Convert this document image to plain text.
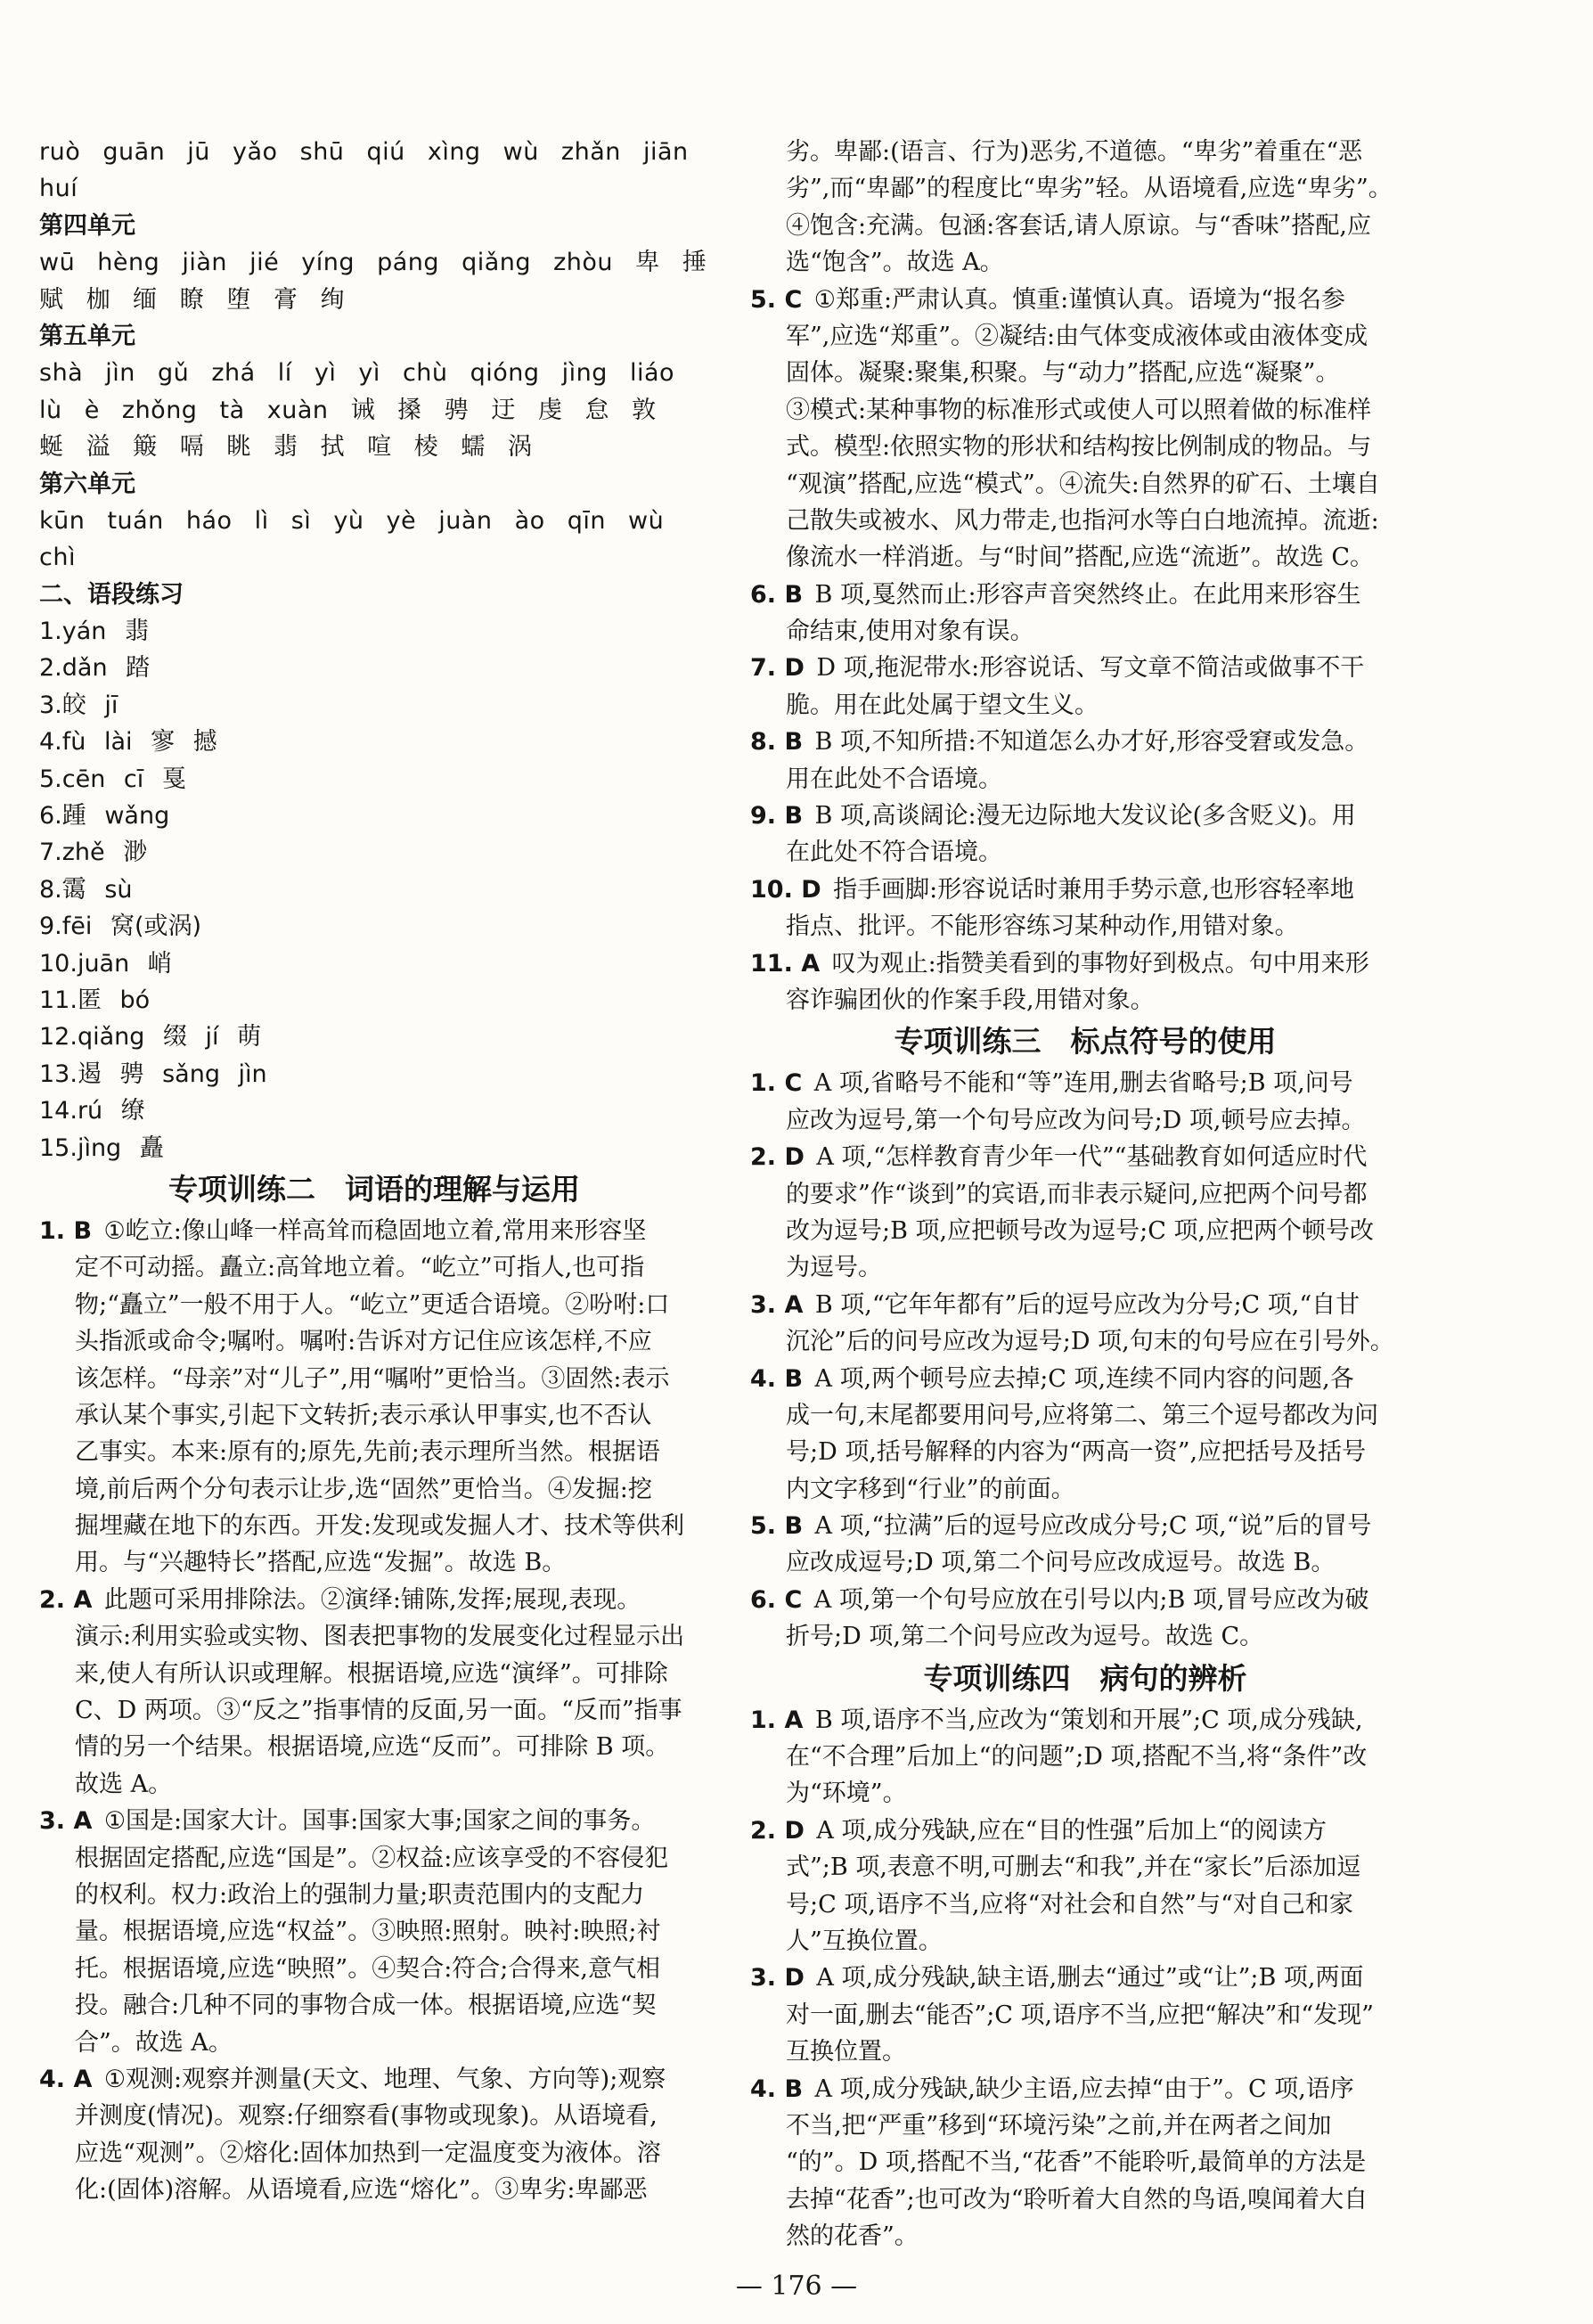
ruò guān jū yǎo shū qiú xìng wù zhǎn jiān
huí
第四单元
wū hèng jiàn jié yíng páng qiǎng zhòu 卑 捶
赋 枷 缅 瞭 堕 膏 绚
第五单元
shà jìn gǔ zhá lí yì yì chù qióng jìng liáo
lù è zhǒng tà xuàn 诫 搡 骋 迂 虔 怠 敦
蜒 溢 簸 嗝 眺 翡 拭 喧 棱 蠕 涡
第六单元
kūn tuán háo lì sì yù yè juàn ào qīn wù
chì
二、语段练习
1.yán 翡
2.dǎn 踏
3.皎 jī
4.fù lài 寥 撼
5.cēn cī 戛
6.踵 wǎng
7.zhě 渺
8.霭 sù
9.fēi 窝(或涡)
10.juān 峭
11.匿 bó
12.qiǎng 缀 jí 萌
13.遏 骋 sǎng jìn
14.rú 缭
15.jìng 矗
专项训练二　词语的理解与运用
1. B  ①屹立:像山峰一样高耸而稳固地立着,常用来形容坚
定不可动摇。矗立:高耸地立着。“屹立”可指人,也可指
物;“矗立”一般不用于人。“屹立”更适合语境。②吩咐:口
头指派或命令;嘱咐。嘱咐:告诉对方记住应该怎样,不应
该怎样。“母亲”对“儿子”,用“嘱咐”更恰当。③固然:表示
承认某个事实,引起下文转折;表示承认甲事实,也不否认
乙事实。本来:原有的;原先,先前;表示理所当然。根据语
境,前后两个分句表示让步,选“固然”更恰当。④发掘:挖
掘埋藏在地下的东西。开发:发现或发掘人才、技术等供利
用。与“兴趣特长”搭配,应选“发掘”。故选 B。
2. A  此题可采用排除法。②演绎:铺陈,发挥;展现,表现。
演示:利用实验或实物、图表把事物的发展变化过程显示出
来,使人有所认识或理解。根据语境,应选“演绎”。可排除
C、D 两项。③“反之”指事情的反面,另一面。“反而”指事
情的另一个结果。根据语境,应选“反而”。可排除 B 项。
故选 A。
3. A  ①国是:国家大计。国事:国家大事;国家之间的事务。
根据固定搭配,应选“国是”。②权益:应该享受的不容侵犯
的权利。权力:政治上的强制力量;职责范围内的支配力
量。根据语境,应选“权益”。③映照:照射。映衬:映照;衬
托。根据语境,应选“映照”。④契合:符合;合得来,意气相
投。融合:几种不同的事物合成一体。根据语境,应选“契
合”。故选 A。
4. A  ①观测:观察并测量(天文、地理、气象、方向等);观察
并测度(情况)。观察:仔细察看(事物或现象)。从语境看,
应选“观测”。②熔化:固体加热到一定温度变为液体。溶
化:(固体)溶解。从语境看,应选“熔化”。③卑劣:卑鄙恶
劣。卑鄙:(语言、行为)恶劣,不道德。“卑劣”着重在“恶
劣”,而“卑鄙”的程度比“卑劣”轻。从语境看,应选“卑劣”。
④饱含:充满。包涵:客套话,请人原谅。与“香味”搭配,应
选“饱含”。故选 A。
5. C  ①郑重:严肃认真。慎重:谨慎认真。语境为“报名参
军”,应选“郑重”。②凝结:由气体变成液体或由液体变成
固体。凝聚:聚集,积聚。与“动力”搭配,应选“凝聚”。
③模式:某种事物的标准形式或使人可以照着做的标准样
式。模型:依照实物的形状和结构按比例制成的物品。与
“观演”搭配,应选“模式”。④流失:自然界的矿石、土壤自
己散失或被水、风力带走,也指河水等白白地流掉。流逝:
像流水一样消逝。与“时间”搭配,应选“流逝”。故选 C。
6. B  B 项,戛然而止:形容声音突然终止。在此用来形容生
命结束,使用对象有误。
7. D  D 项,拖泥带水:形容说话、写文章不简洁或做事不干
脆。用在此处属于望文生义。
8. B  B 项,不知所措:不知道怎么办才好,形容受窘或发急。
用在此处不合语境。
9. B  B 项,高谈阔论:漫无边际地大发议论(多含贬义)。用
在此处不符合语境。
10. D  指手画脚:形容说话时兼用手势示意,也形容轻率地
指点、批评。不能形容练习某种动作,用错对象。
11. A  叹为观止:指赞美看到的事物好到极点。句中用来形
容诈骗团伙的作案手段,用错对象。
专项训练三　标点符号的使用
1. C  A 项,省略号不能和“等”连用,删去省略号;B 项,问号
应改为逗号,第一个句号应改为问号;D 项,顿号应去掉。
2. D  A 项,“怎样教育青少年一代”“基础教育如何适应时代
的要求”作“谈到”的宾语,而非表示疑问,应把两个问号都
改为逗号;B 项,应把顿号改为逗号;C 项,应把两个顿号改
为逗号。
3. A  B 项,“它年年都有”后的逗号应改为分号;C 项,“自甘
沉沦”后的问号应改为逗号;D 项,句末的句号应在引号外。
4. B  A 项,两个顿号应去掉;C 项,连续不同内容的问题,各
成一句,末尾都要用问号,应将第二、第三个逗号都改为问
号;D 项,括号解释的内容为“两高一资”,应把括号及括号
内文字移到“行业”的前面。
5. B  A 项,“拉满”后的逗号应改成分号;C 项,“说”后的冒号
应改成逗号;D 项,第二个问号应改成逗号。故选 B。
6. C  A 项,第一个句号应放在引号以内;B 项,冒号应改为破
折号;D 项,第二个问号应改为逗号。故选 C。
专项训练四　病句的辨析
1. A  B 项,语序不当,应改为“策划和开展”;C 项,成分残缺,
在“不合理”后加上“的问题”;D 项,搭配不当,将“条件”改
为“环境”。
2. D  A 项,成分残缺,应在“目的性强”后加上“的阅读方
式”;B 项,表意不明,可删去“和我”,并在“家长”后添加逗
号;C 项,语序不当,应将“对社会和自然”与“对自己和家
人”互换位置。
3. D  A 项,成分残缺,缺主语,删去“通过”或“让”;B 项,两面
对一面,删去“能否”;C 项,语序不当,应把“解决”和“发现”
互换位置。
4. B  A 项,成分残缺,缺少主语,应去掉“由于”。C 项,语序
不当,把“严重”移到“环境污染”之前,并在两者之间加
“的”。D 项,搭配不当,“花香”不能聆听,最简单的方法是
去掉“花香”;也可改为“聆听着大自然的鸟语,嗅闻着大自
然的花香”。
— 176 —
